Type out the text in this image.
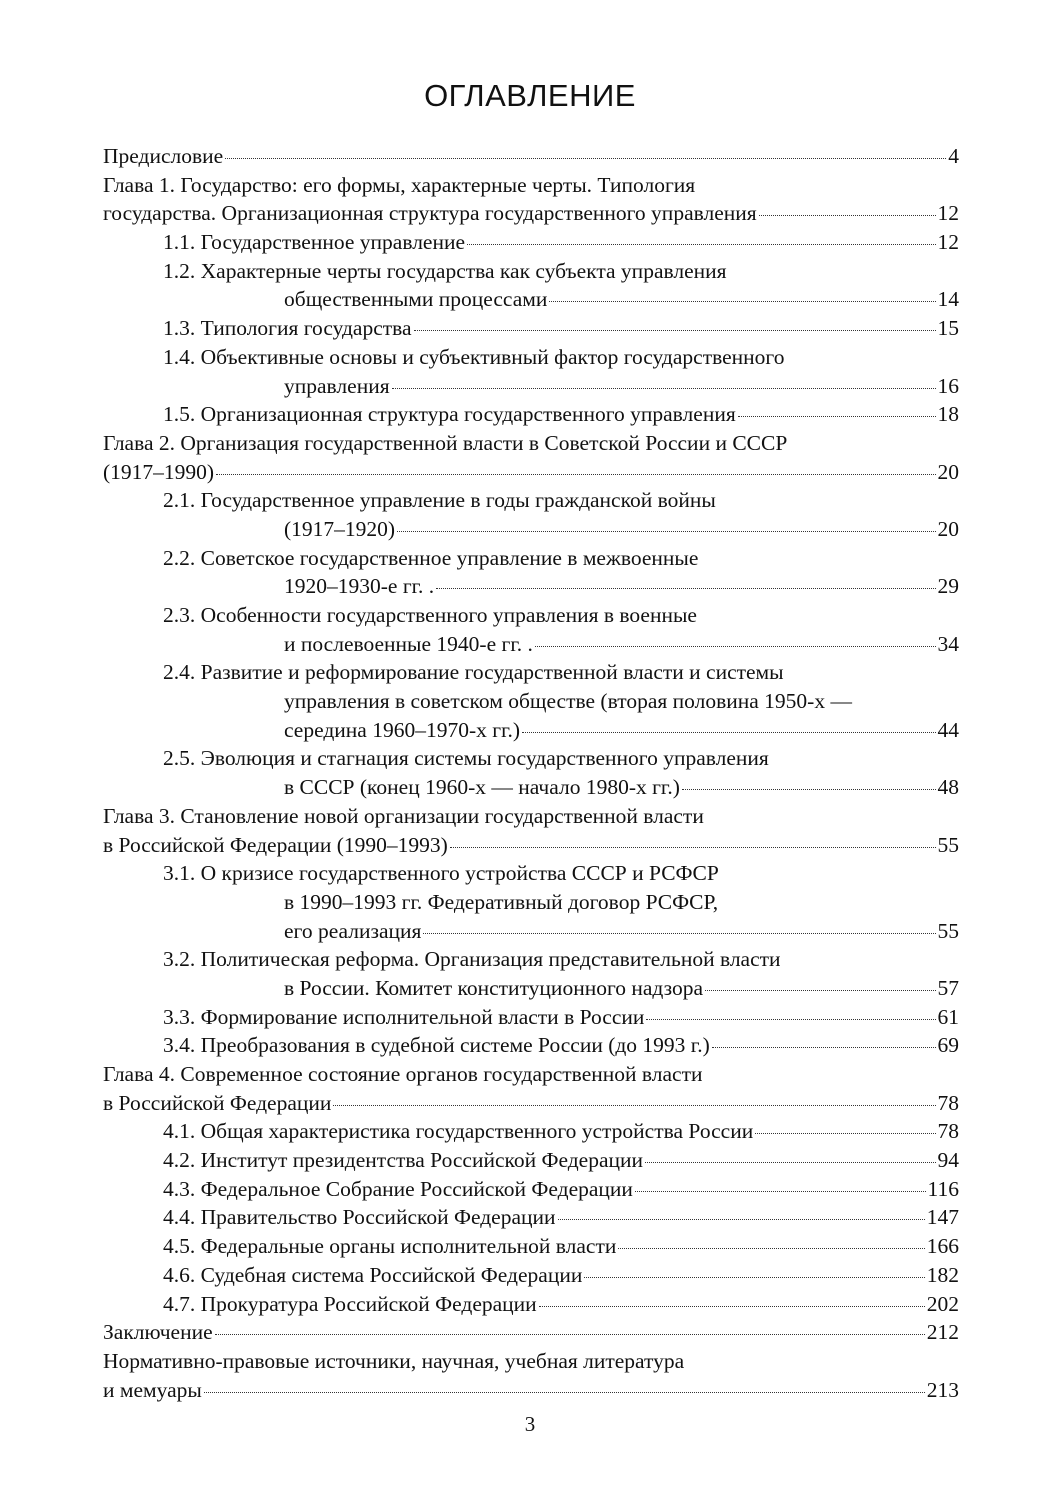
ОГЛАВЛЕНИЕ
Предисловие	4
Глава 1. Государство: его формы, характерные черты. Типология
государства. Организационная структура государственного управления	12
1.1. Государственное управление	12
1.2. Характерные черты государства как субъекта управления
общественными процессами	14
1.3. Типология государства	15
1.4. Объективные основы и субъективный фактор государственного
управления	16
1.5. Организационная структура государственного управления	18
Глава 2. Организация государственной власти в Советской России и СССР
(1917–1990)	20
2.1. Государственное управление в годы гражданской войны
(1917–1920)	20
2.2. Советское государственное управление в межвоенные
1920–1930-е гг. .	29
2.3. Особенности государственного управления в военные
и послевоенные 1940-е гг. .	34
2.4. Развитие и реформирование государственной власти и системы
управления в советском обществе (вторая половина 1950-х —
середина 1960–1970-х гг.)	44
2.5. Эволюция и стагнация системы государственного управления
в СССР (конец 1960-х — начало 1980-х гг.)	48
Глава 3. Становление новой организации государственной власти
в Российской Федерации (1990–1993)	55
3.1. О кризисе государственного устройства СССР и РСФСР
в 1990–1993 гг. Федеративный договор РСФСР,
его реализация	55
3.2. Политическая реформа. Организация представительной власти
в России. Комитет конституционного надзора	57
3.3. Формирование исполнительной власти в России	61
3.4. Преобразования в судебной системе России (до 1993 г.)	69
Глава 4. Современное состояние органов государственной власти
в Российской Федерации	78
4.1. Общая характеристика государственного устройства России	78
4.2. Институт президентства Российской Федерации	94
4.3. Федеральное Собрание Российской Федерации	116
4.4. Правительство Российской Федерации	147
4.5. Федеральные органы исполнительной власти	166
4.6. Судебная система Российской Федерации	182
4.7. Прокуратура Российской Федерации	202
Заключение	212
Нормативно-правовые источники, научная, учебная литература
и мемуары	213
3
